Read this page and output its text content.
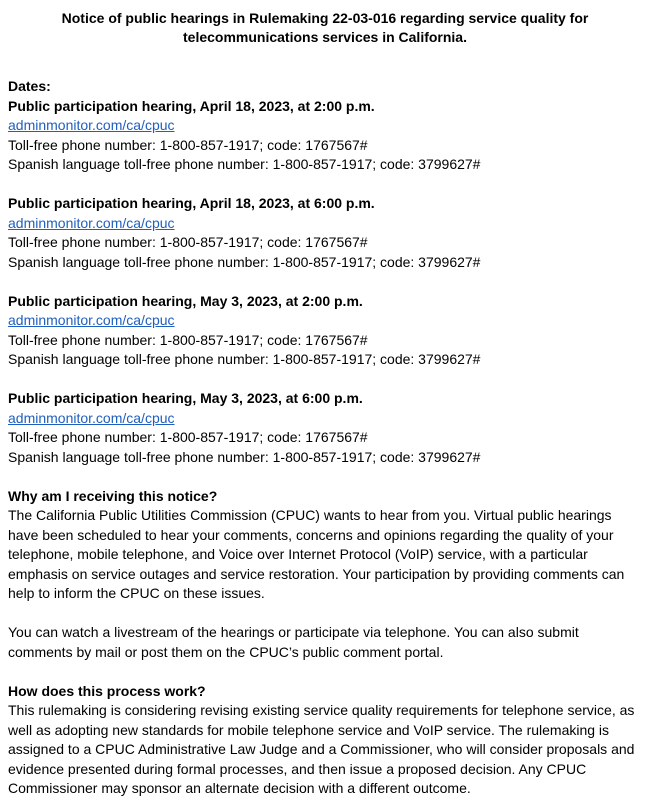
Notice of public hearings in Rulemaking 22-03-016 regarding service quality for telecommunications services in California.
Dates:
Public participation hearing, April 18, 2023, at 2:00 p.m.
adminmonitor.com/ca/cpuc
Toll-free phone number: 1-800-857-1917; code: 1767567#
Spanish language toll-free phone number: 1-800-857-1917; code: 3799627#
Public participation hearing, April 18, 2023, at 6:00 p.m.
adminmonitor.com/ca/cpuc
Toll-free phone number: 1-800-857-1917; code: 1767567#
Spanish language toll-free phone number: 1-800-857-1917; code: 3799627#
Public participation hearing, May 3, 2023, at 2:00 p.m.
adminmonitor.com/ca/cpuc
Toll-free phone number: 1-800-857-1917; code: 1767567#
Spanish language toll-free phone number: 1-800-857-1917; code: 3799627#
Public participation hearing, May 3, 2023, at 6:00 p.m.
adminmonitor.com/ca/cpuc
Toll-free phone number: 1-800-857-1917; code: 1767567#
Spanish language toll-free phone number: 1-800-857-1917; code: 3799627#
Why am I receiving this notice?
The California Public Utilities Commission (CPUC) wants to hear from you. Virtual public hearings have been scheduled to hear your comments, concerns and opinions regarding the quality of your telephone, mobile telephone, and Voice over Internet Protocol (VoIP) service, with a particular emphasis on service outages and service restoration. Your participation by providing comments can help to inform the CPUC on these issues.
You can watch a livestream of the hearings or participate via telephone. You can also submit comments by mail or post them on the CPUC’s public comment portal.
How does this process work?
This rulemaking is considering revising existing service quality requirements for telephone service, as well as adopting new standards for mobile telephone service and VoIP service. The rulemaking is assigned to a CPUC Administrative Law Judge and a Commissioner, who will consider proposals and evidence presented during formal processes, and then issue a proposed decision. Any CPUC Commissioner may sponsor an alternate decision with a different outcome.
